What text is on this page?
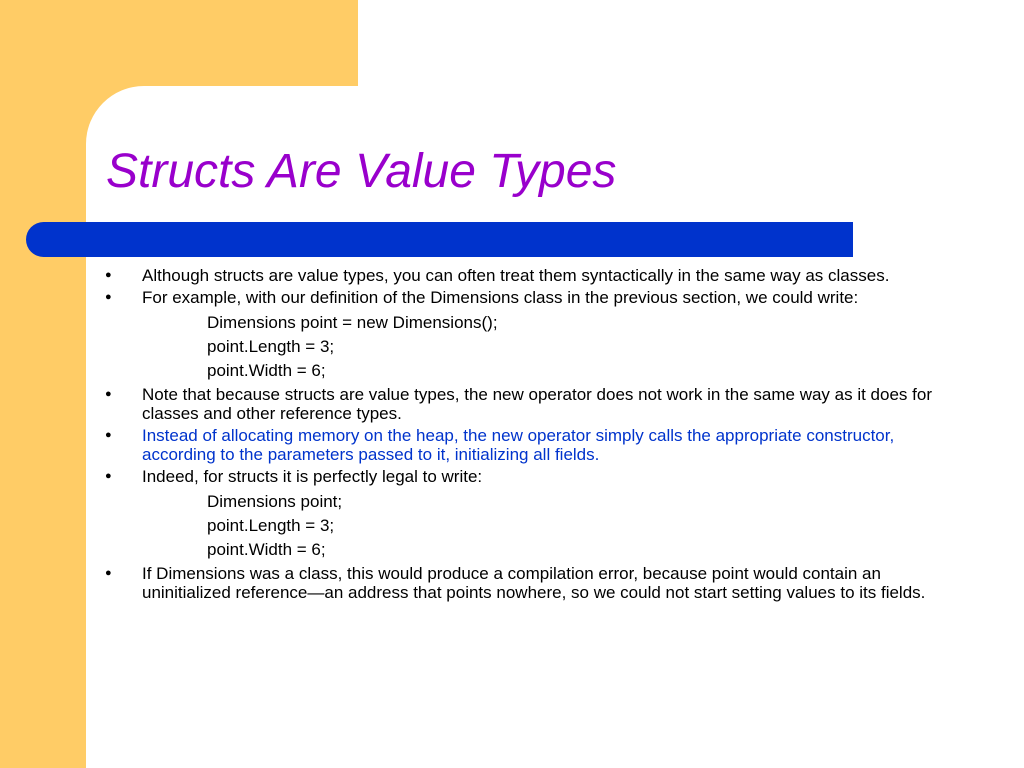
Structs Are Value Types
●	Although structs are value types, you can often treat them syntactically in the same way as classes.
●	For example, with our definition of the Dimensions class in the previous section, we could write:
Dimensions point = new Dimensions();
point.Length = 3;
point.Width = 6;
●	Note that because structs are value types, the new operator does not work in the same way as it does for classes and other reference types.
●	Instead of allocating memory on the heap, the new operator simply calls the appropriate constructor, according to the parameters passed to it, initializing all fields.
●	Indeed, for structs it is perfectly legal to write:
Dimensions point;
point.Length = 3;
point.Width = 6;
●	If Dimensions was a class, this would produce a compilation error, because point would contain an uninitialized reference—an address that points nowhere, so we could not start setting values to its fields.
